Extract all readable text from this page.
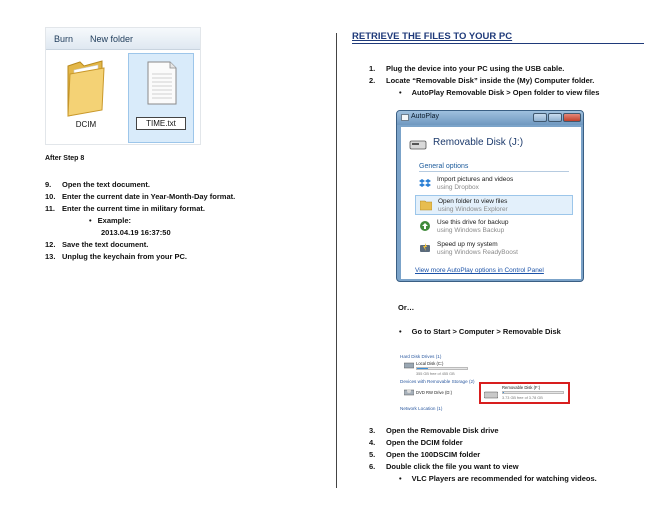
Burn New folder
DCIM	TIME.txt
After Step 8
9. Open the text document.
10. Enter the current date in Year-Month-Day format.
11. Enter the current time in military format.
• Example:
2013.04.19 16:37:50
12. Save the text document.
13. Unplug the keychain from your PC.
RETRIEVE THE FILES TO YOUR PC
1. Plug the device into your PC using the USB cable.
2. Locate “Removable Disk” inside the (My) Computer folder.
• AutoPlay Removable Disk > Open folder to view files
AutoPlay
Removable Disk (J:)
General options
Import pictures and videos
using Dropbox
Open folder to view files
using Windows Explorer
Use this drive for backup
using Windows Backup
Speed up my system
using Windows ReadyBoost
View more AutoPlay options in Control Panel
Or…
• Go to Start > Computer > Removable Disk
Hard Disk Drives (1)
Local Disk (C:)
355 GB free of 455 GB
Devices with Removable Storage (2)
DVD RW Drive (D:)
Removable Disk (F:)
3.73 GB free of 3.78 GB
Network Location (1)
3. Open the Removable Disk drive
4. Open the DCIM folder
5. Open the 100DSCIM folder
6. Double click the file you want to view
• VLC Players are recommended for watching videos.
